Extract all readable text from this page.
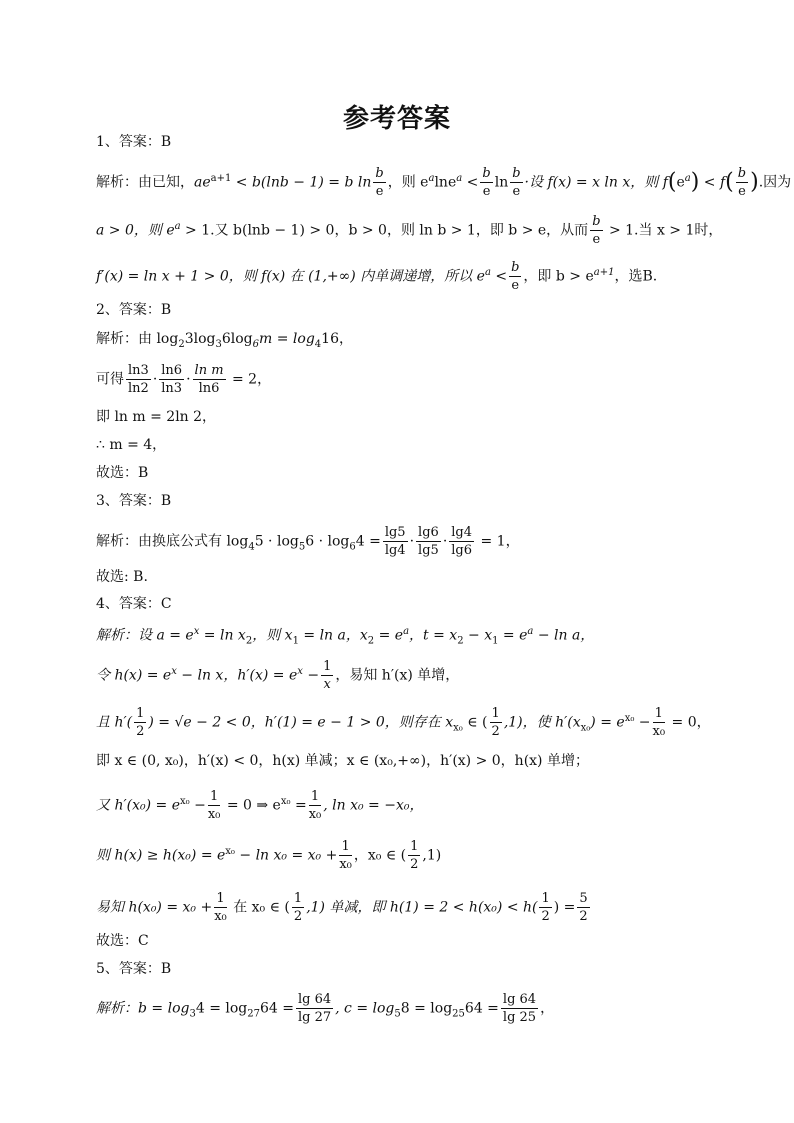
参考答案
1、答案：B
解析：由已知，$ae^{a+1} < b(\ln b - 1) = b$ $\ln \frac{b}{e}$ ，则 $e^a\ln e^a < \frac{b}{e}$ $\ln \frac{b}{e}$ ·设 f(x) = x ln x，则 $f(e^a) < f( \frac{b}{e}$ ).因为
a > 0，则 $e^a > 1$.又 b(lnb − 1) > 0，b > 0，则 ln b > 1，即 b > e，从而 $\frac{b}{e} > 1$.当 x > 1时，
f′(x) = ln x + 1 > 0，则 f(x) 在 (1,+∞) 内单调递增，所以 $e^a < \frac{b}{e}$ ，即 $b > e^{a+1}$，选B.
2、答案：B
解析：由 $\log_23\log_36\log_6m = \log_416$，
可得 $\frac{\ln 3}{\ln 2} \cdot \frac{\ln 6}{\ln 3} \cdot \frac{\text{ln m}}{\ln 6} = 2$，
即 ln m = 2ln 2，
∴ m = 4，
故选：B
3、答案：B
解析：由换底公式有 $\log_45 \cdot \log_56 \cdot \log_64 = \frac{\lg 5}{\lg 4} \cdot \frac{\lg 6}{\lg 5} \cdot \frac{\lg 4}{\lg 6} = 1$，
故选: B.
4、答案：C
解析：设 $a = e^x = \ln x_2$，则 $x_1 = \ln a$，$x_2 = e^a$，$t = x_2 - x_1 = e^a - \ln a$，
令 $h(x) = e^x - \ln x$，$h'(x) = e^x - \frac{1}{x}$ ，易知 h′(x) 单增，
且 $h'( \frac{1}{2}$ ) = √e − 2 < 0，h′(1) = e − 1 > 0，则存在 $x_{x_0}$ ∈ ( $\frac{1}{2} ,1$)，使 $h'(x_{x_0}) = e^{x_0} - \frac{1}{\text{x₀}} = 0$，
即 x ∈ (0, x₀)，h′(x) < 0，h(x) 单减；x ∈ (x₀,+∞)，h′(x) > 0，h(x) 单增；
又 $h'(x_0) = e^{x_0} - \frac{1}{\text{x₀}} = 0$ ⇒ $e^{x_0} = \frac{1}{\text{x₀}}$ , ln x₀ = −x₀，
则 $h(x) \ge h(x_0) = e^{x_0} - \ln x_0 = x_0 + \frac{1}{\text{x₀}}$ ，x₀ ∈ ( $\frac{1}{2} ,1$)
易知 $h(x_0) = x_0 + \frac{1}{\text{x₀}}$ 在 x₀ ∈ ( $\frac{1}{2} ,1$) 单减，即 $h(1) = 2 < h(x_0) < h( \frac{1}{2}$ ) = $\frac{5}{2}$
故选：C
5、答案：B
解析：$b = \log_34 = \log_{27}64 = \frac{\lg 64}{\lg 27}$ , $c = \log_58 = \log_{25}64 = \frac{\lg 64}{\lg 25}$ ，
